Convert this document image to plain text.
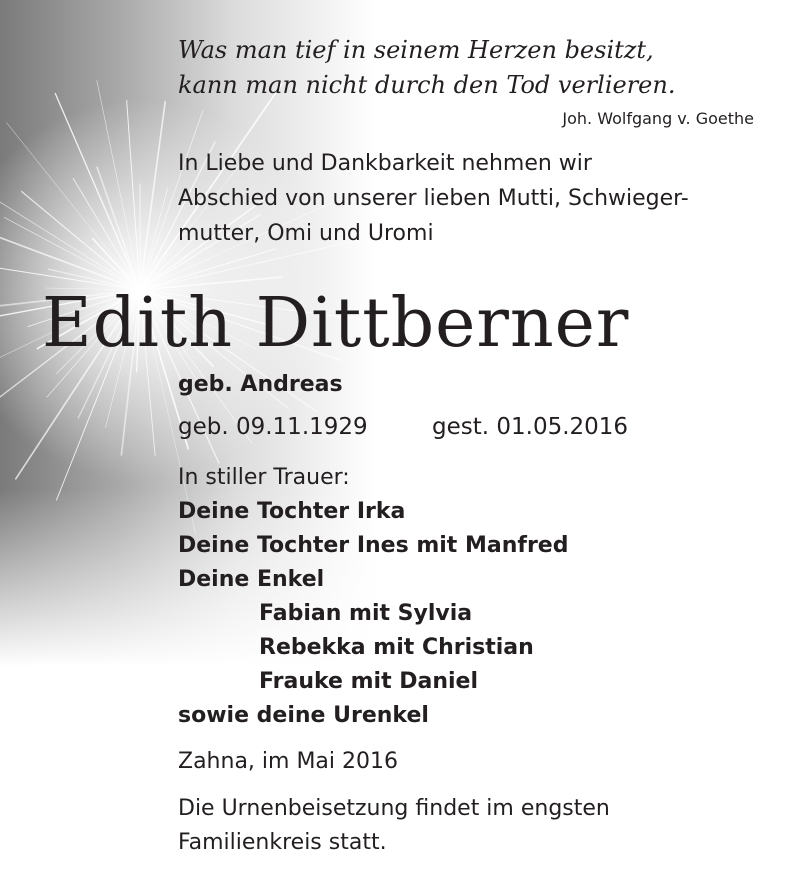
Was man tief in seinem Herzen besitzt,
kann man nicht durch den Tod verlieren.
Joh. Wolfgang v. Goethe
In Liebe und Dankbarkeit nehmen wir
Abschied von unserer lieben Mutti, Schwieger-
mutter, Omi und Uromi
Edith Dittberner
geb. Andreas
geb. 09.11.1929	gest. 01.05.2016
In stiller Trauer:
Deine Tochter Irka
Deine Tochter Ines mit Manfred
Deine Enkel
Fabian mit Sylvia
Rebekka mit Christian
Frauke mit Daniel
sowie deine Urenkel
Zahna, im Mai 2016
Die Urnenbeisetzung findet im engsten
Familienkreis statt.
